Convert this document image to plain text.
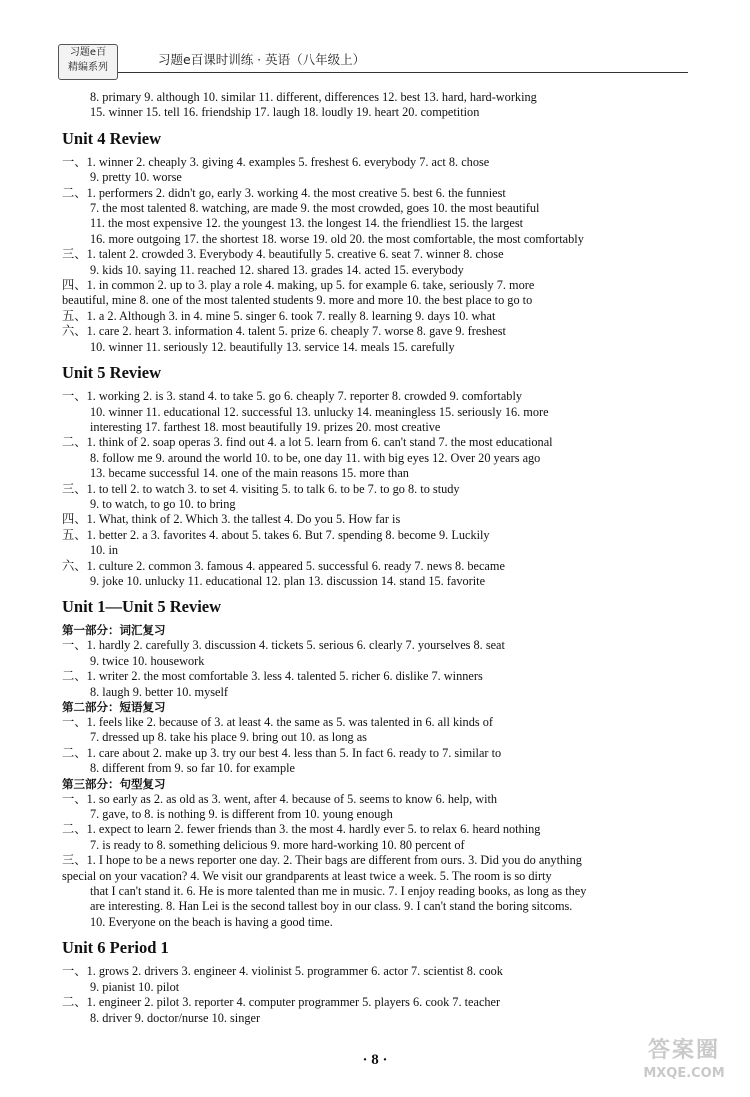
习题e百
精编系列
习题e百课时训练 · 英语（八年级上）
8. primary 9. although 10. similar 11. different, differences 12. best 13. hard, hard-working
15. winner 15. tell 16. friendship 17. laugh 18. loudly 19. heart 20. competition
Unit 4 Review
一、1. winner 2. cheaply 3. giving 4. examples 5. freshest 6. everybody 7. act 8. chose
9. pretty 10. worse
二、1. performers 2. didn't go, early 3. working 4. the most creative 5. best 6. the funniest
7. the most talented 8. watching, are made 9. the most crowded, goes 10. the most beautiful
11. the most expensive 12. the youngest 13. the longest 14. the friendliest 15. the largest
16. more outgoing 17. the shortest 18. worse 19. old 20. the most comfortable, the most comfortably
三、1. talent 2. crowded 3. Everybody 4. beautifully 5. creative 6. seat 7. winner 8. chose
9. kids 10. saying 11. reached 12. shared 13. grades 14. acted 15. everybody
四、1. in common 2. up to 3. play a role 4. making, up 5. for example 6. take, seriously 7. more
beautiful, mine 8. one of the most talented students 9. more and more 10. the best place to go to
五、1. a 2. Although 3. in 4. mine 5. singer 6. took 7. really 8. learning 9. days 10. what
六、1. care 2. heart 3. information 4. talent 5. prize 6. cheaply 7. worse 8. gave 9. freshest
10. winner 11. seriously 12. beautifully 13. service 14. meals 15. carefully
Unit 5 Review
一、1. working 2. is 3. stand 4. to take 5. go 6. cheaply 7. reporter 8. crowded 9. comfortably
10. winner 11. educational 12. successful 13. unlucky 14. meaningless 15. seriously 16. more
interesting 17. farthest 18. most beautifully 19. prizes 20. most creative
二、1. think of 2. soap operas 3. find out 4. a lot 5. learn from 6. can't stand 7. the most educational
8. follow me 9. around the world 10. to be, one day 11. with big eyes 12. Over 20 years ago
13. became successful 14. one of the main reasons 15. more than
三、1. to tell 2. to watch 3. to set 4. visiting 5. to talk 6. to be 7. to go 8. to study
9. to watch, to go 10. to bring
四、1. What, think of 2. Which 3. the tallest 4. Do you 5. How far is
五、1. better 2. a 3. favorites 4. about 5. takes 6. But 7. spending 8. become 9. Luckily
10. in
六、1. culture 2. common 3. famous 4. appeared 5. successful 6. ready 7. news 8. became
9. joke 10. unlucky 11. educational 12. plan 13. discussion 14. stand 15. favorite
Unit 1—Unit 5 Review
第一部分：词汇复习
一、1. hardly 2. carefully 3. discussion 4. tickets 5. serious 6. clearly 7. yourselves 8. seat
9. twice 10. housework
二、1. writer 2. the most comfortable 3. less 4. talented 5. richer 6. dislike 7. winners
8. laugh 9. better 10. myself
第二部分：短语复习
一、1. feels like 2. because of 3. at least 4. the same as 5. was talented in 6. all kinds of
7. dressed up 8. take his place 9. bring out 10. as long as
二、1. care about 2. make up 3. try our best 4. less than 5. In fact 6. ready to 7. similar to
8. different from 9. so far 10. for example
第三部分：句型复习
一、1. so early as 2. as old as 3. went, after 4. because of 5. seems to know 6. help, with
7. gave, to 8. is nothing 9. is different from 10. young enough
二、1. expect to learn 2. fewer friends than 3. the most 4. hardly ever 5. to relax 6. heard nothing
7. is ready to 8. something delicious 9. more hard-working 10. 80 percent of
三、1. I hope to be a news reporter one day. 2. Their bags are different from ours. 3. Did you do anything
special on your vacation? 4. We visit our grandparents at least twice a week. 5. The room is so dirty
that I can't stand it. 6. He is more talented than me in music. 7. I enjoy reading books, as long as they
are interesting. 8. Han Lei is the second tallest boy in our class. 9. I can't stand the boring sitcoms.
10. Everyone on the beach is having a good time.
Unit 6 Period 1
一、1. grows 2. drivers 3. engineer 4. violinist 5. programmer 6. actor 7. scientist 8. cook
9. pianist 10. pilot
二、1. engineer 2. pilot 3. reporter 4. computer programmer 5. players 6. cook 7. teacher
8. driver 9. doctor/nurse 10. singer
· 8 ·	答案圈
MXQE.COM
